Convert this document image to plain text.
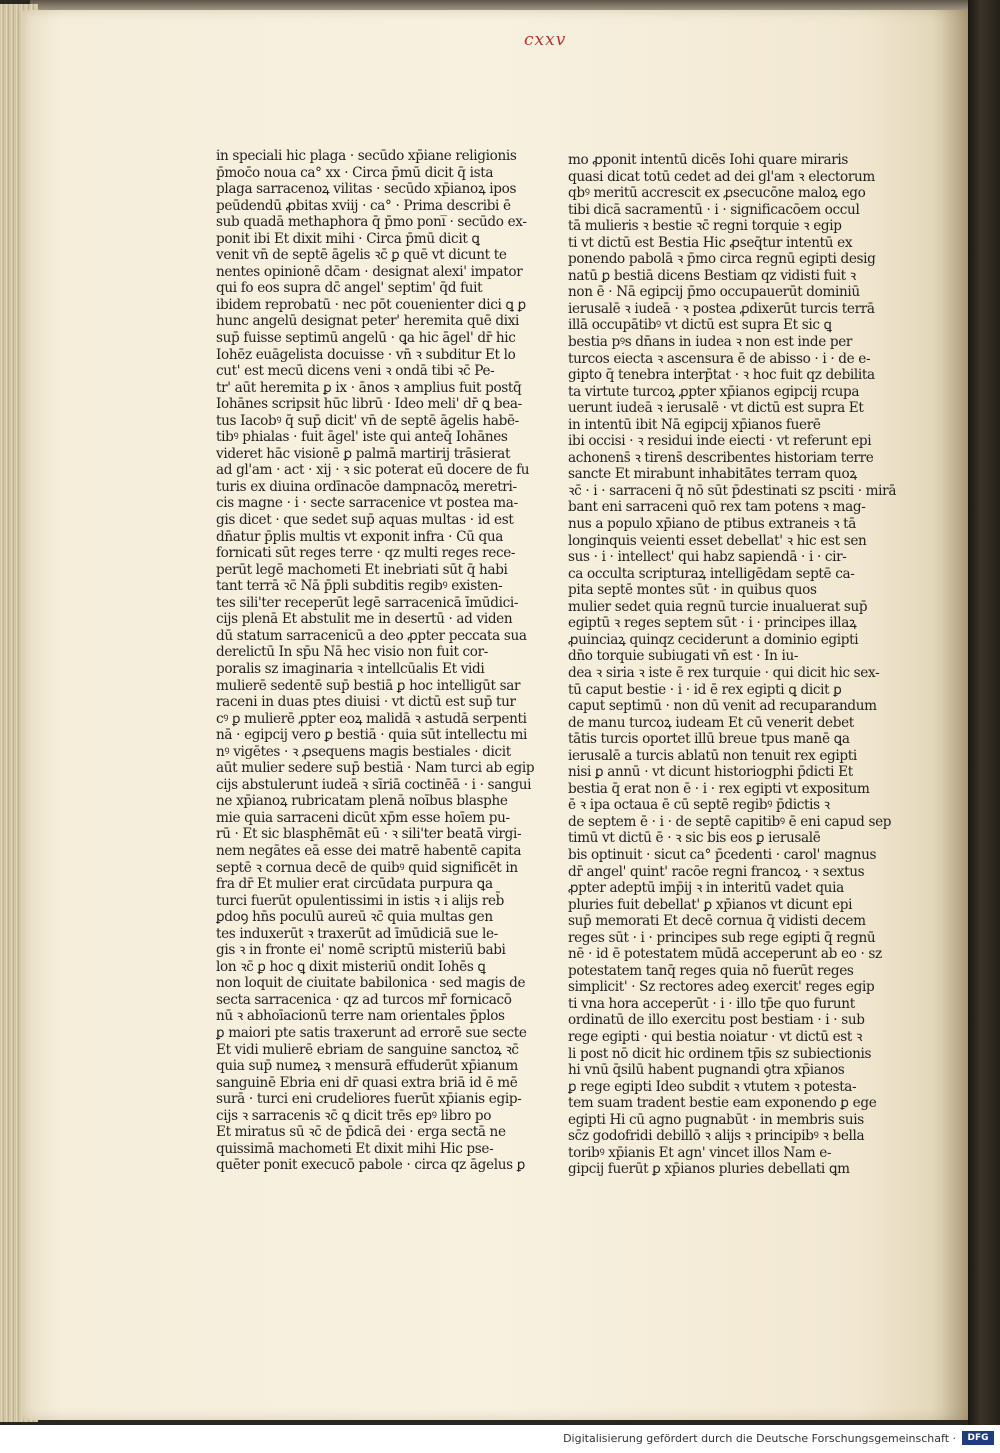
cxxv
in speciali hic plaga · secūdo xp̄iane religionis
p̄moc̄o noua ca° xx · Circa p̄mū dicit q̄ ista
plaga sarracenoꝝ vilitas · secūdo xp̄ianoꝝ ipos
peūdendū ꝓbitas xviij · ca° · Prima describi ē
sub quadā methaphora q̄ p̄mo poni̅ · secūdo ex-
ponit ibi Et dixit mihi · Circa p̄mū dicit ꝗ
venit vn̄ de septē āgelis ꝛc̄ ꝑ quē vt dicunt te
nentes opinionē dc̄am · designat alexi' impator
qui fo eos supra dc̄ angel' septim' q̄d fuit
ibidem reprobatū · nec pōt couenienter dici ꝗ ꝑ
hunc angelū designat peter' heremita quē dixi
sup̄ fuisse septimū angelū · ꝗa hic āgel' dr̄ hic
Iohēz euāgelista docuisse · vn̄ ꝛ subditur Et lo
cut' est mecū dicens veni ꝛ ondā tibi ꝛc̄ Pe-
tr' aūt heremita ꝑ ix · ānos ꝛ amplius fuit postq̄
Iohānes scripsit hūc librū · Ideo meli' dr̄ ꝗ bea-
tus Iacobꝰ q̄ sup̄ dicit' vn̄ de septē āgelis habē-
tibꝰ phialas · fuit āgel' iste qui anteq̄ Iohānes
videret hāc visionē ꝑ palmā martirij trāsierat
ad gl'am · act · xij · ꝛ sic poterat eū docere de fu
turis ex diuina ordīnacōe dampnacōꝝ meretri-
cis magne · i · secte sarracenice vt postea ma-
gis dicet · que sedet sup̄ aquas multas · id est
dn̄atur p̄plis multis vt exponit infra · Cū qua
fornicati sūt reges terre · qz multi reges rece-
perūt legē machometi Et inebriati sūt q̄ habi
tant terrā ꝛc̄ Nā p̄pli subditis regibꝰ existen-
tes sili'ter receperūt legē sarracenicā īmūdici-
cijs plenā Et abstulit me in desertū · ad viden
dū statum sarracenicū a deo ꝓpter peccata sua
derelictū In sp̄u Nā hec visio non fuit cor-
poralis sz imaginaria ꝛ intellcūalis Et vidi
mulierē sedentē sup̄ bestiā ꝑ hoc intelligūt sar
raceni in duas ptes diuisi · vt dictū est sup̄ tur
cꝰ ꝑ mulierē ꝓpter eoꝝ malidā ꝛ astudā serpenti
nā · egipcij vero ꝑ bestiā · quia sūt intellectu mi
nꝰ vigētes · ꝛ ꝓsequens magis bestiales · dicit
aūt mulier sedere sup̄ bestiā · Nam turci ab egip
cijs abstulerunt iudeā ꝛ sīriā coctinēā · i · sangui
ne xp̄ianoꝝ rubricatam plenā noībus blasphe
mie quia sarraceni dicūt xp̄m esse hoīem pu-
rū · Et sic blasphēmāt eū · ꝛ sili'ter beatā virgi-
nem negātes eā esse dei matrē habentē capita
septē ꝛ cornua decē de quibꝰ quid significēt in
fra dr̄ Et mulier erat circūdata purpura ꝗa
turci fuerūt opulentissimi in istis ꝛ i alijs reb̄
ꝑdoꝯ hn̄s poculū aureū ꝛc̄ quia multas gen
tes induxerūt ꝛ traxerūt ad īmūdiciā sue le-
gis ꝛ in fronte ei' nomē scriptū misteriū babi
lon ꝛc̄ ꝑ hoc ꝗ dixit misteriū ondit Iohēs ꝗ
non loquit de ciuitate babilonica · sed magis de
secta sarracenica · qz ad turcos mr̄ fornicacō
nū ꝛ abhoīacionū terre nam orientales p̄plos
ꝑ maiori pte satis traxerunt ad errorē sue secte
Et vidi mulierē ebriam de sanguine sanctoꝝ ꝛc̄
quia sup̄ numeꝝ ꝛ mensurā effuderūt xp̄ianum
sanguinē Ebria eni dr̄ quasi extra briā id ē mē
surā · turci eni crudeliores fuerūt xp̄ianis egip-
cijs ꝛ sarracenis ꝛc̄ ꝗ dicit trēs epꝰ libro po
Et miratus sū ꝛc̄ de p̄dicā dei · erga sectā ne
quissimā machometi Et dixit mihi Hic pse-
quēter ponit execucō pabole · circa qz āgelus ꝑ
mo ꝓponit intentū dicēs Iohi quare miraris
quasi dicat totū cedet ad dei gl'am ꝛ electorum
qbꝰ meritū accrescit ex ꝓsecucōne maloꝝ ego
tibi dicā sacramentū · i · significacōem occul
tā mulieris ꝛ bestie ꝛc̄ regni torquie ꝛ egip
ti vt dictū est Bestia Hic ꝓseq̄tur intentū ex
ponendo pabolā ꝛ p̄mo circa regnū egipti desig
natū ꝑ bestiā dicens Bestiam qz vidisti fuit ꝛ
non ē · Nā egipcij p̄mo occupauerūt dominiū
ierusalē ꝛ iudeā · ꝛ postea ꝓdixerūt turcis terrā
illā occupātibꝰ vt dictū est supra Et sic ꝗ
bestia pꝰs dn̄ans in iudea ꝛ non est inde per
turcos eiecta ꝛ ascensura ē de abisso · i · de e-
gipto q̄ tenebra interp̄tat · ꝛ hoc fuit qz debilita
ta virtute turcoꝝ ꝓpter xp̄ianos egipcij rcupa
uerunt iudeā ꝛ ierusalē · vt dictū est supra Et
in intentū ibit Nā egipcij xp̄ianos fuerē
ibi occisi · ꝛ residui inde eiecti · vt referunt epi
achonens̄ ꝛ tirens̄ describentes historiam terre
sancte Et mirabunt inhabitātes terram quoꝝ
ꝛc̄ · i · sarraceni q̄ nō sūt p̄destinati sz psciti · mirā
bant eni sarraceni quō rex tam potens ꝛ mag-
nus a populo xp̄iano de ptibus extraneis ꝛ tā
longinquis veienti esset debellat' ꝛ hic est sen
sus · i · intellect' qui habz sapiendā · i · cir-
ca occulta scripturaꝝ intelligēdam septē ca-
pita septē montes sūt · in quibus quos
mulier sedet quia regnū turcie inualuerat sup̄
egiptū ꝛ reges septem sūt · i · principes illaꝝ
ꝓuinciaꝝ quinqz ceciderunt a dominio egipti
dn̄o torquie subiugati vn̄ est · In iu-
dea ꝛ siria ꝛ iste ē rex turquie · qui dicit hic sex-
tū caput bestie · i · id ē rex egipti ꝗ dicit ꝑ
caput septimū · non dū venit ad recuparandum
de manu turcoꝝ iudeam Et cū venerit debet
tātis turcis oportet illū breue tpus manē ꝗa
ierusalē a turcis ablatū non tenuit rex egipti
nisi ꝑ annū · vt dicunt historiogphi p̄dicti Et
bestia q̄ erat non ē · i · rex egipti vt expositum
ē ꝛ ipa octaua ē cū septē regibꝰ p̄dictis ꝛ
de septem ē · i · de septē capitibꝰ ē eni capud sep
timū vt dictū ē · ꝛ sic bis eos ꝑ ierusalē
bis optinuit · sicut ca° p̄cedenti · carol' magnus
dr̄ angel' quint' racōe regni francoꝝ · ꝛ sextus
ꝓpter adeptū imp̄ij ꝛ in interitū vadet quia
pluries fuit debellat' ꝑ xp̄ianos vt dicunt epi
sup̄ memorati Et decē cornua q̄ vidisti decem
reges sūt · i · principes sub rege egipti q̄ regnū
nē · id ē potestatem mūdā acceperunt ab eo · sz
potestatem tanq̄ reges quia nō fuerūt reges
simplicit' · Sz rectores adeꝯ exercit' reges egip
ti vna hora acceperūt · i · illo tp̄e quo furunt
ordinatū de illo exercitu post bestiam · i · sub
rege egipti · qui bestia noiatur · vt dictū est ꝛ
li post nō dicit hic ordinem tp̄is sz subiectionis
hi vnū q̄silū habent pugnandi ꝯtra xp̄ianos
ꝑ rege egipti Ideo subdit ꝛ vtutem ꝛ potesta-
tem suam tradent bestie eam exponendo ꝑ ege
egipti Hi cū agno pugnabūt · in membris suis
sc̄z godofridi debillō ꝛ alijs ꝛ principibꝰ ꝛ bella
toribꝰ xp̄ianis Et agn' vincet illos Nam e-
gipcij fuerūt ꝑ xp̄ianos pluries debellati ꝗm
Digitalisierung gefördert durch die Deutsche Forschungsgemeinschaft ·	DFG
